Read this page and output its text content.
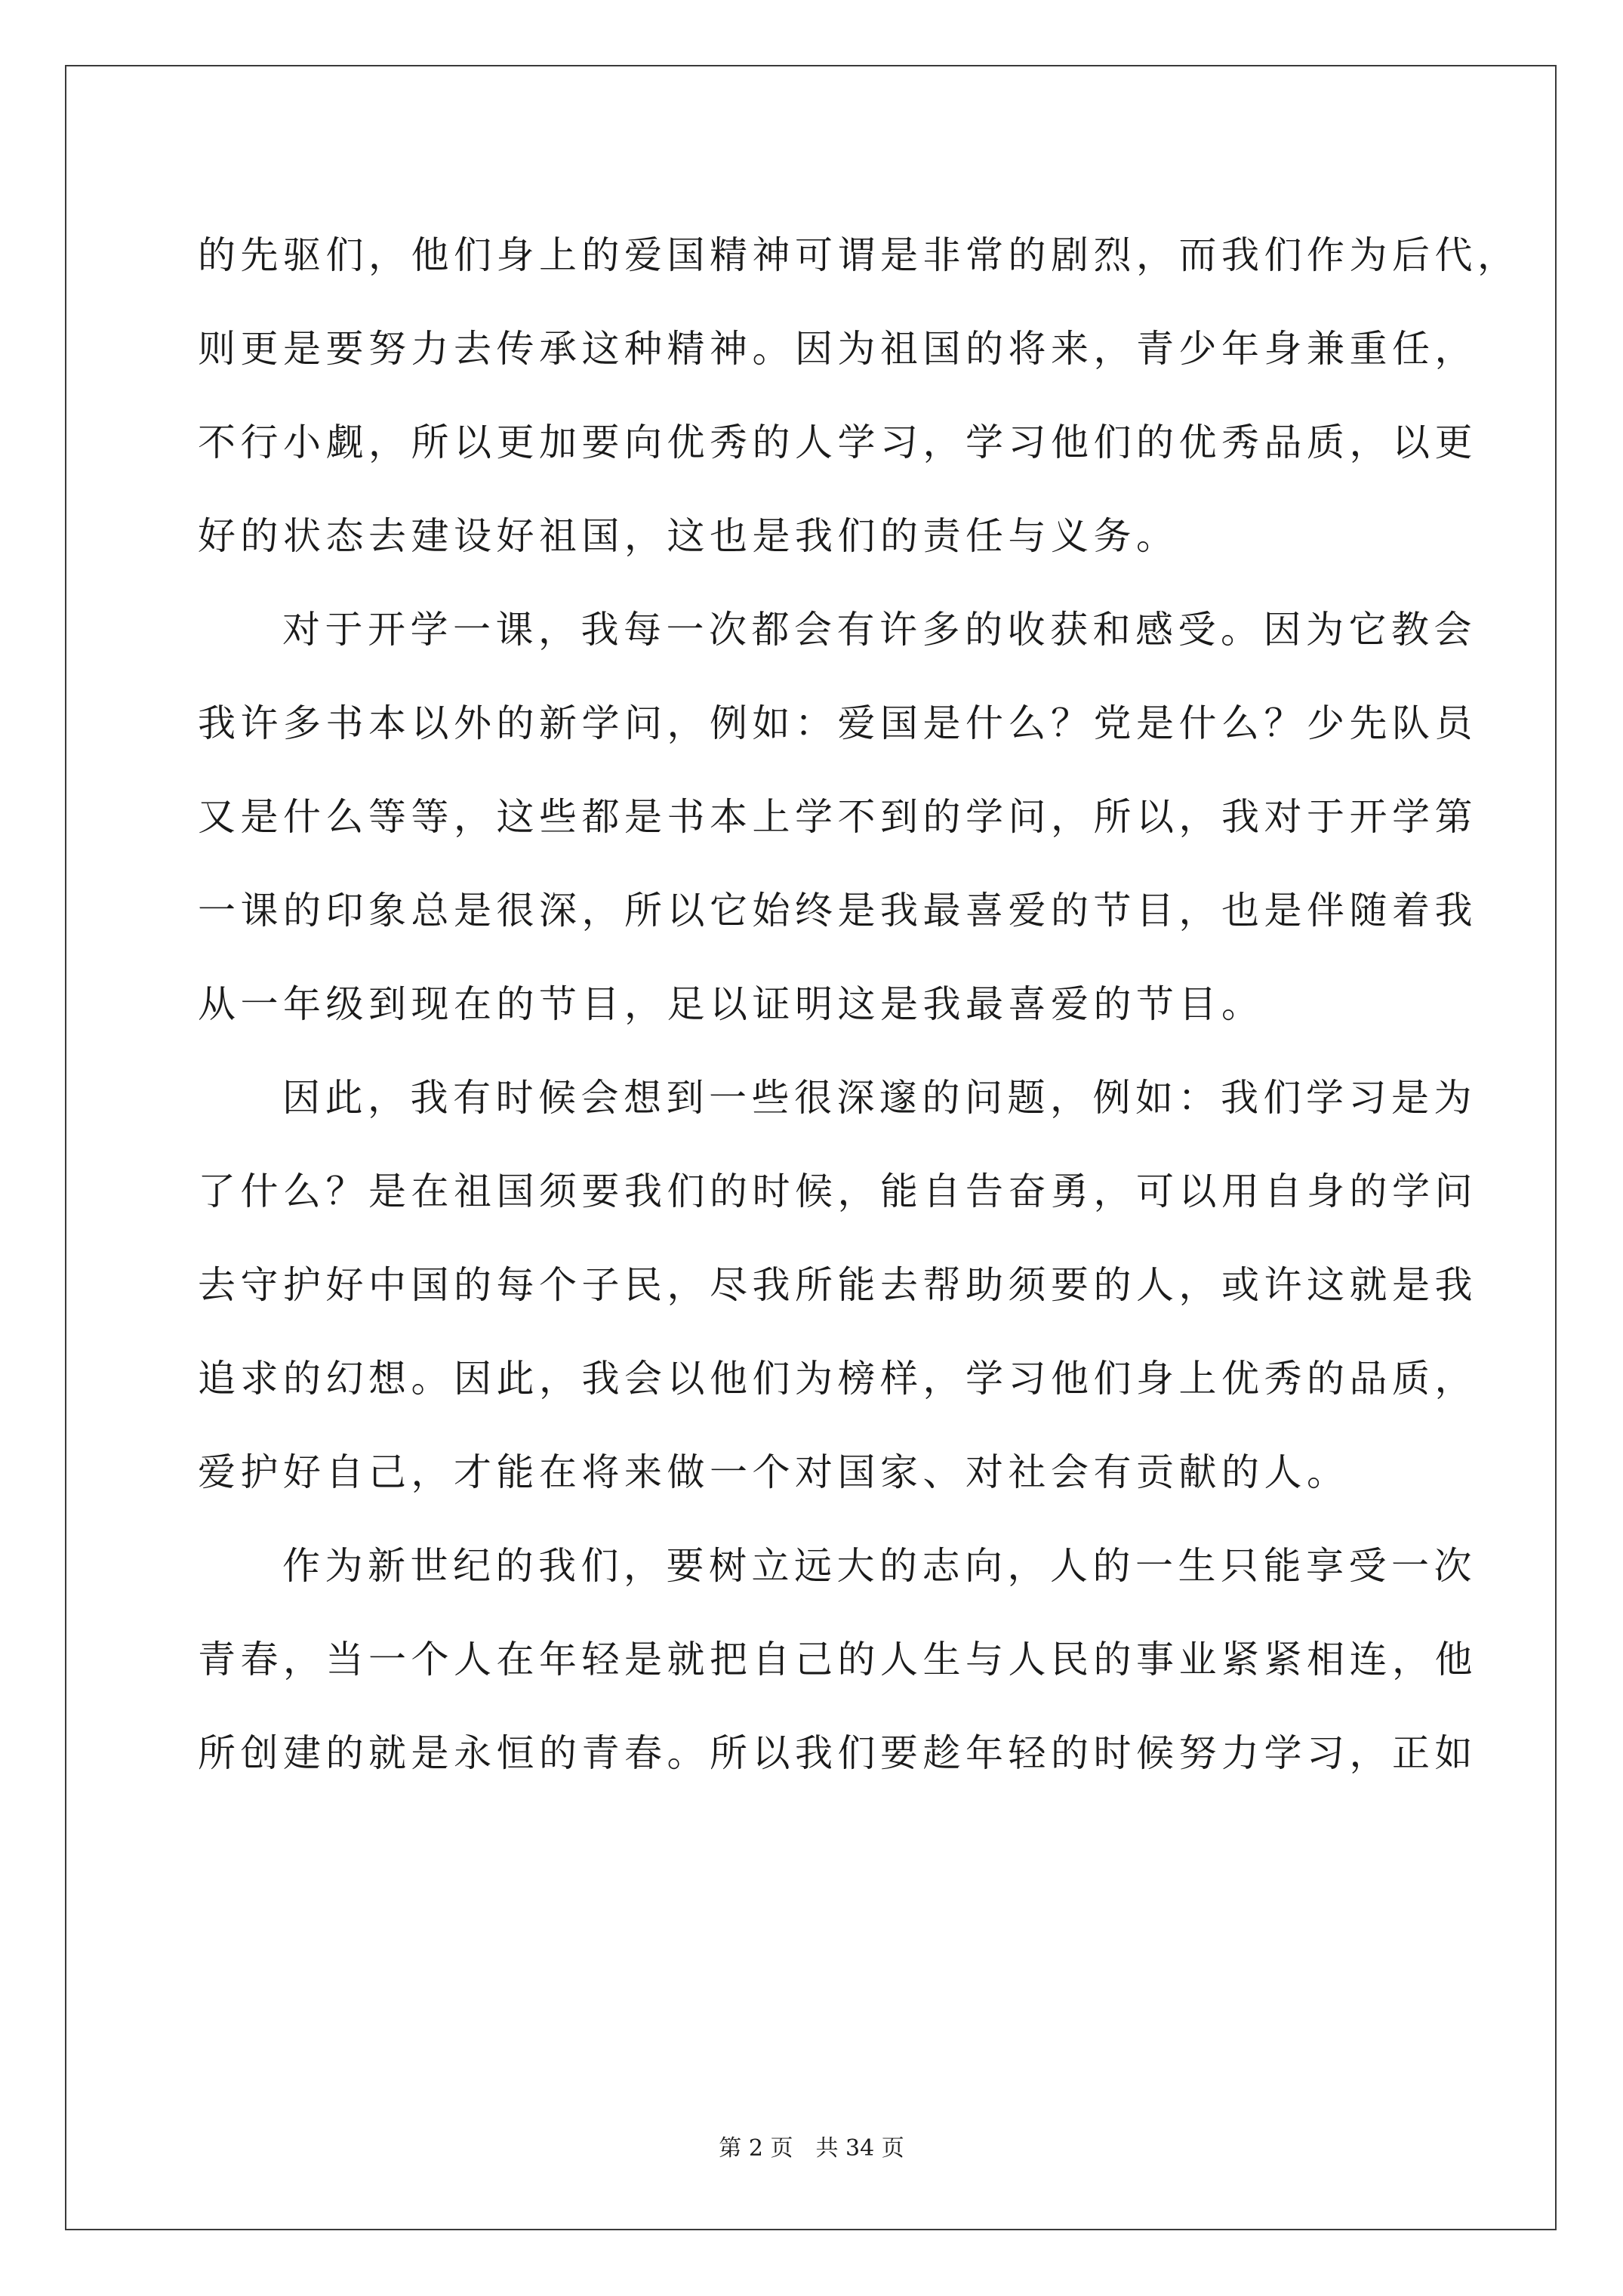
的先驱们，他们身上的爱国精神可谓是非常的剧烈，而我们作为后代，
则更是要努力去传承这种精神。因为祖国的将来，青少年身兼重任，
不行小觑，所以更加要向优秀的人学习，学习他们的优秀品质，以更
好的状态去建设好祖国，这也是我们的责任与义务。
对于开学一课，我每一次都会有许多的收获和感受。因为它教会
我许多书本以外的新学问，例如：爱国是什么？党是什么？少先队员
又是什么等等，这些都是书本上学不到的学问，所以，我对于开学第
一课的印象总是很深，所以它始终是我最喜爱的节目，也是伴随着我
从一年级到现在的节目，足以证明这是我最喜爱的节目。
因此，我有时候会想到一些很深邃的问题，例如：我们学习是为
了什么？是在祖国须要我们的时候，能自告奋勇，可以用自身的学问
去守护好中国的每个子民，尽我所能去帮助须要的人，或许这就是我
追求的幻想。因此，我会以他们为榜样，学习他们身上优秀的品质，
爱护好自己，才能在将来做一个对国家、对社会有贡献的人。
作为新世纪的我们，要树立远大的志向，人的一生只能享受一次
青春，当一个人在年轻是就把自己的人生与人民的事业紧紧相连，他
所创建的就是永恒的青春。所以我们要趁年轻的时候努力学习，正如
第 2 页 共 34 页
